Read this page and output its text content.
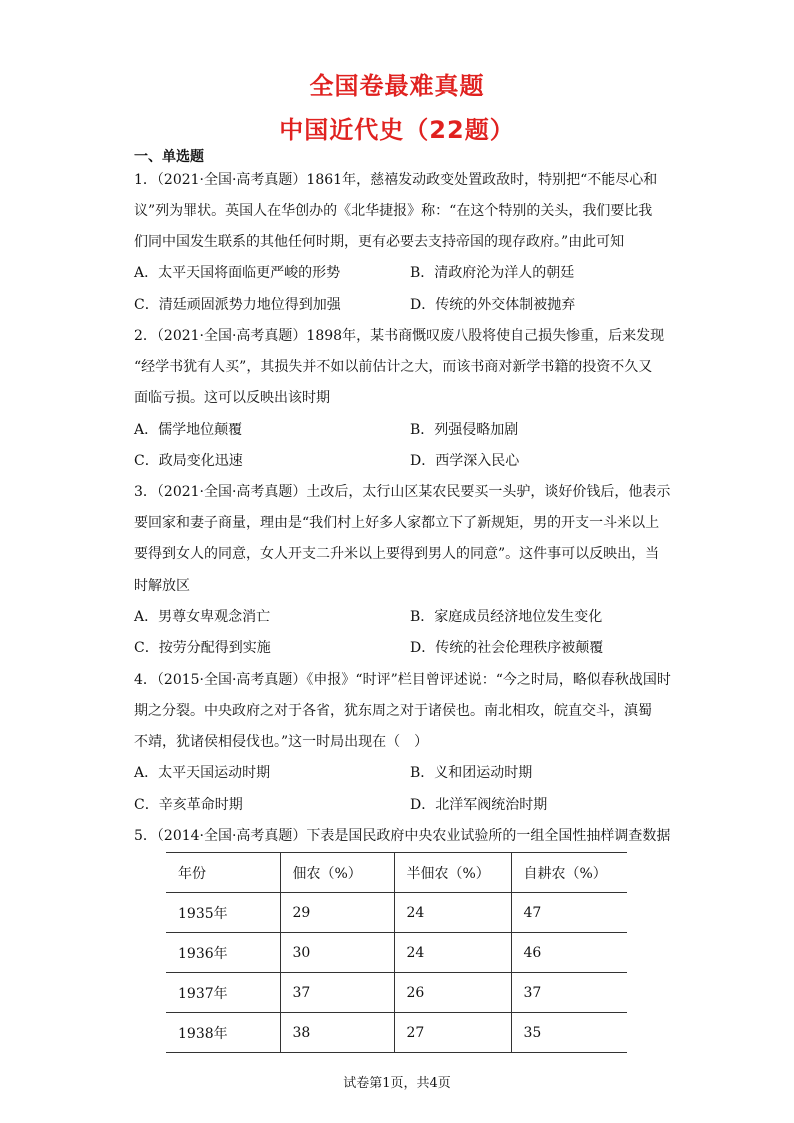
全国卷最难真题
中国近代史（22题）
一、单选题
1．（2021·全国·高考真题）1861年，慈禧发动政变处置政敌时，特别把“不能尽心和
议”列为罪状。英国人在华创办的《北华捷报》称：“在这个特别的关头，我们要比我
们同中国发生联系的其他任何时期，更有必要去支持帝国的现存政府。”由此可知
A．太平天国将面临更严峻的形势	B．清政府沦为洋人的朝廷
C．清廷顽固派势力地位得到加强	D．传统的外交体制被抛弃
2．（2021·全国·高考真题）1898年，某书商慨叹废八股将使自己损失惨重，后来发现
“经学书犹有人买”，其损失并不如以前估计之大，而该书商对新学书籍的投资不久又
面临亏损。这可以反映出该时期
A．儒学地位颠覆	B．列强侵略加剧
C．政局变化迅速	D．西学深入民心
3．（2021·全国·高考真题）土改后，太行山区某农民要买一头驴，谈好价钱后，他表示
要回家和妻子商量，理由是“我们村上好多人家都立下了新规矩，男的开支一斗米以上
要得到女人的同意，女人开支二升米以上要得到男人的同意”。这件事可以反映出，当
时解放区
A．男尊女卑观念消亡	B．家庭成员经济地位发生变化
C．按劳分配得到实施	D．传统的社会伦理秩序被颠覆
4．（2015·全国·高考真题）《申报》“时评”栏目曾评述说：“今之时局，略似春秋战国时
期之分裂。中央政府之对于各省，犹东周之对于诸侯也。南北相攻，皖直交斗，滇蜀
不靖，犹诸侯相侵伐也。”这一时局出现在（　）
A．太平天国运动时期	B．义和团运动时期
C．辛亥革命时期	D．北洋军阀统治时期
5．（2014·全国·高考真题）下表是国民政府中央农业试验所的一组全国性抽样调查数据
年份	佃农（%）	半佃农（%）	自耕农（%）
1935年	29	24	47
1936年	30	24	46
1937年	37	26	37
1938年	38	27	35
试卷第1页，共4页
